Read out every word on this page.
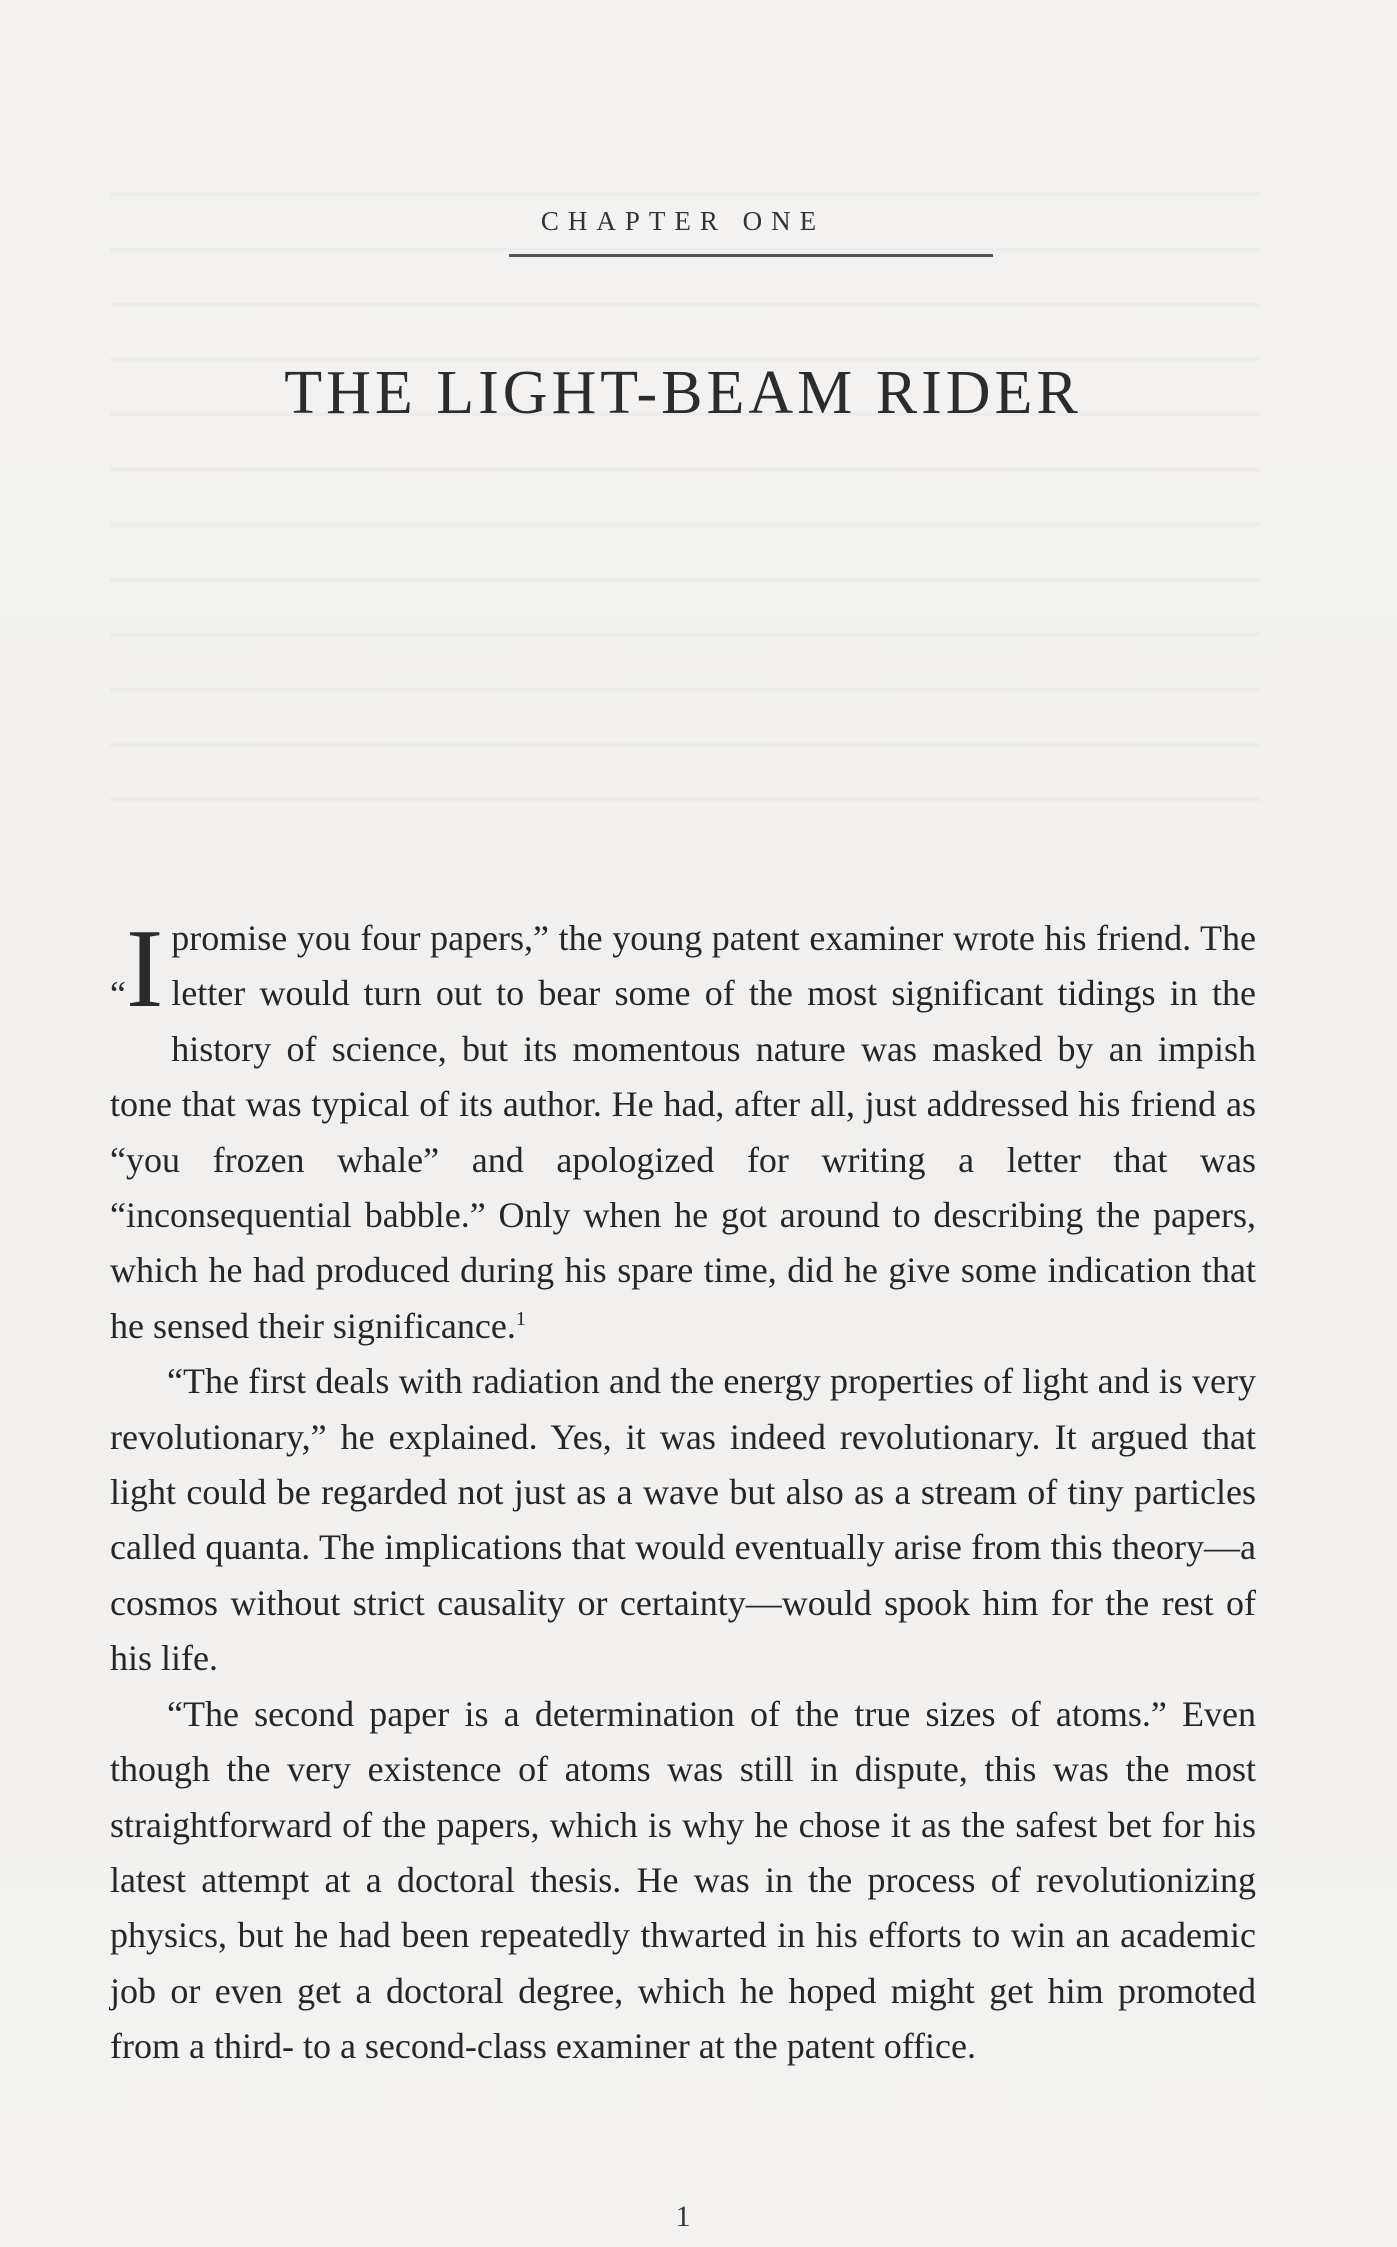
CHAPTER ONE
THE LIGHT-BEAM RIDER

“I promise you four papers,” the young patent examiner wrote his friend. The letter would turn out to bear some of the most significant tidings in the history of science, but its momentous nature was masked by an impish tone that was typical of its author. He had, after all, just addressed his friend as “you frozen whale” and apologized for writing a letter that was “inconsequential babble.” Only when he got around to describing the papers, which he had produced during his spare time, did he give some indication that he sensed their significance.$^1$

“The first deals with radiation and the energy properties of light and is very revolutionary,” he explained. Yes, it was indeed revolutionary. It argued that light could be regarded not just as a wave but also as a stream of tiny particles called quanta. The implications that would eventually arise from this theory—a cosmos without strict causality or certainty—would spook him for the rest of his life.

“The second paper is a determination of the true sizes of atoms.” Even though the very existence of atoms was still in dispute, this was the most straightforward of the papers, which is why he chose it as the safest bet for his latest attempt at a doctoral thesis. He was in the process of revolutionizing physics, but he had been repeatedly thwarted in his efforts to win an academic job or even get a doctoral degree, which he hoped might get him promoted from a third- to a second-class examiner at the patent office.

1
